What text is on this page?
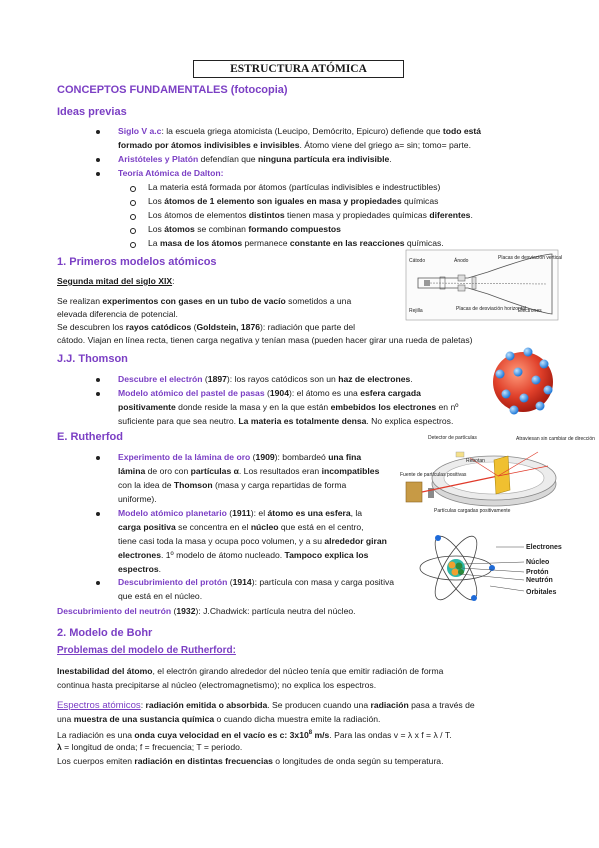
ESTRUCTURA ATÓMICA
CONCEPTOS FUNDAMENTALES (fotocopia)
Ideas previas
Siglo V a.c: la escuela griega atomicista (Leucipo, Demócrito, Epicuro) defiende que todo está
formado por átomos indivisibles e invisibles. Átomo viene del griego a= sin; tomo= parte.
Aristóteles y Platón defendían que ninguna partícula era indivisible.
Teoría Atómica de Dalton:
La materia está formada por átomos (partículas indivisibles e indestructibles)
Los átomos de 1 elemento son iguales en masa y propiedades químicas
Los átomos de elementos distintos tienen masa y propiedades químicas diferentes.
Los átomos se combinan formando compuestos
La masa de los átomos permanece constante en las reacciones químicas.
1. Primeros modelos atómicos
Segunda mitad del siglo XIX:
Se realizan experimentos con gases en un tubo de vacío sometidos a una
elevada diferencia de potencial.
Se descubren los rayos catódicos (Goldstein, 1876): radiación que parte del
cátodo. Viajan en línea recta, tienen carga negativa y tenían masa (pueden hacer girar una rueda de paletas)
Cátodo	Ánodo	Placas de desviación vertical
Rejilla	Placas de desviación horizontal
Electrones
J.J. Thomson
Descubre el electrón (1897): los rayos catódicos son un haz de electrones.
Modelo atómico del pastel de pasas (1904): el átomo es una esfera cargada
positivamente donde reside la masa y en la que están embebidos los electrones en nº
suficiente para que sea neutro. La materia es totalmente densa. No explica espectros.
E. Rutherfod
Experimento de la lámina de oro (1909): bombardeó una fina
lámina de oro con partículas α. Los resultados eran incompatibles
con la idea de Thomson (masa y carga repartidas de forma
uniforme).
Modelo atómico planetario (1911): el átomo es una esfera, la
carga positiva se concentra en el núcleo que está en el centro,
tiene casi toda la masa y ocupa poco volumen, y a su alrededor giran
electrones. 1º modelo de átomo nucleado. Tampoco explica los
espectros.
Descubrimiento del protón (1914): partícula con masa y carga positiva
que está en el núcleo.
Descubrimiento del neutrón (1932): J.Chadwick: partícula neutra del núcleo.
Detector de partículas	Atraviesan sin cambiar de dirección
Rebotan
Fuente de partículas positivas
Partículas cargadas positivamente
Electrones
Núcleo
Protón
Neutrón
Orbitales
2. Modelo de Bohr
Problemas del modelo de Rutherford:
Inestabilidad del átomo, el electrón girando alrededor del núcleo tenía que emitir radiación de forma
continua hasta precipitarse al núcleo (electromagnetismo); no explica los espectros.
Espectros atómicos: radiación emitida o absorbida. Se producen cuando una radiación pasa a través de
una muestra de una sustancia química o cuando dicha muestra emite la radiación.
La radiación es una onda cuya velocidad en el vacío es c: $3x10^8$ m/s. Para las ondas v = λ x f = λ / T.
λ = longitud de onda; f = frecuencia; T = periodo.
Los cuerpos emiten radiación en distintas frecuencias o longitudes de onda según su temperatura.
